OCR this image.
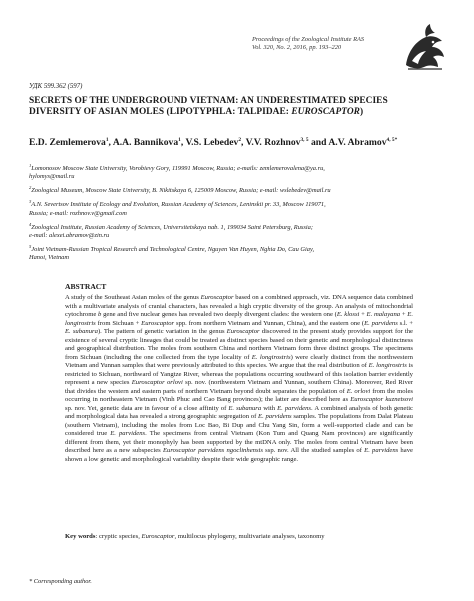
Proceedings of the Zoological Institute RAS
Vol. 320, No. 2, 2016, pp. 193–220
УДК 599.362 (597)
SECRETS OF THE UNDERGROUND VIETNAM: AN UNDERESTIMATED SPECIES
DIVERSITY OF ASIAN MOLES (LIPOTYPHLA: TALPIDAE: EUROSCAPTOR)
E.D. Zemlemerova$^1$, A.A. Bannikova$^1$, V.S. Lebedev$^2$, V.V. Rozhnov$^{3, 5}$ and A.V. Abramov$^{4, 5*}$
$^1$Lomonosov Moscow State University, Vorobievy Gory, 119991 Moscow, Russia; e-mails: zemlemerovalena@ya.ru,
hylomys@mail.ru
$^2$Zoological Museum, Moscow State University, B. Nikitskaya 6, 125009 Moscow, Russia; e-mail: wslebedev@mail.ru
$^3$A.N. Severtsov Institute of Ecology and Evolution, Russian Academy of Sciences, Leninskii pr. 33, Moscow 119071,
Russia; e-mail: rozhnov.v@gmail.com
$^4$Zoological Institute, Russian Academy of Sciences, Universitetskaya nab. 1, 199034 Saint Petersburg, Russia;
e-mail: alexei.abramov@zin.ru
$^5$Joint Vietnam-Russian Tropical Research and Technological Centre, Nguyen Van Huyen, Nghia Do, Cau Giay,
Hanoi, Vietnam
ABSTRACT
A study of the Southeast Asian moles of the genus Euroscaptor based on a combined approach, viz. DNA sequence data combined with a multivariate analysis of cranial characters, has revealed a high cryptic diversity of the group. An analysis of mitochondrial cytochrome b gene and five nuclear genes has revealed two deeply divergent clades: the western one (E. klossi + E. malayana + E. longirostris from Sichuan + Euroscaptor spp. from northern Vietnam and Yunnan, China), and the eastern one (E. parvidens s.l. + E. subanura). The pattern of genetic variation in the genus Euroscaptor discovered in the present study provides support for the existence of several cryptic lineages that could be treated as distinct species based on their genetic and morphological distinctness and geographical distribution. The moles from southern China and northern Vietnam form three distinct groups. The specimens from Sichuan (including the one collected from the type locality of E. longirostris) were clearly distinct from the northwestern Vietnam and Yunnan samples that were previously attributed to this species. We argue that the real distribution of E. longirostris is restricted to Sichuan, northward of Yangtze River, whereas the populations occurring southward of this isolation barrier evidently represent a new species Euroscaptor orlovi sp. nov. (northwestern Vietnam and Yunnan, southern China). Moreover, Red River that divides the western and eastern parts of northern Vietnam beyond doubt separates the population of E. orlovi from the moles occurring in northeastern Vietnam (Vinh Phuc and Cao Bang provinces); the latter are described here as Euroscaptor kuznetsovi sp. nov. Yet, genetic data are in favour of a close affinity of E. subanura with E. parvidens. A combined analysis of both genetic and morphological data has revealed a strong geographic segregation of E. parvidens samples. The populations from Dalat Plateau (southern Vietnam), including the moles from Loc Bao, Bi Dup and Chu Yang Sin, form a well-supported clade and can be considered true E. parvidens. The specimens from central Vietnam (Kon Tum and Quang Nam provinces) are significantly different from them, yet their monophyly has been supported by the mtDNA only. The moles from central Vietnam have been described here as a new subspecies Euroscaptor parvidens ngoclinhensis ssp. nov. All the studied samples of E. parvidens have shown a low genetic and morphological variability despite their wide geographic range.
Key words: cryptic species, Euroscaptor, multilocus phylogeny, multivariate analyses, taxonomy
* Corresponding author.
